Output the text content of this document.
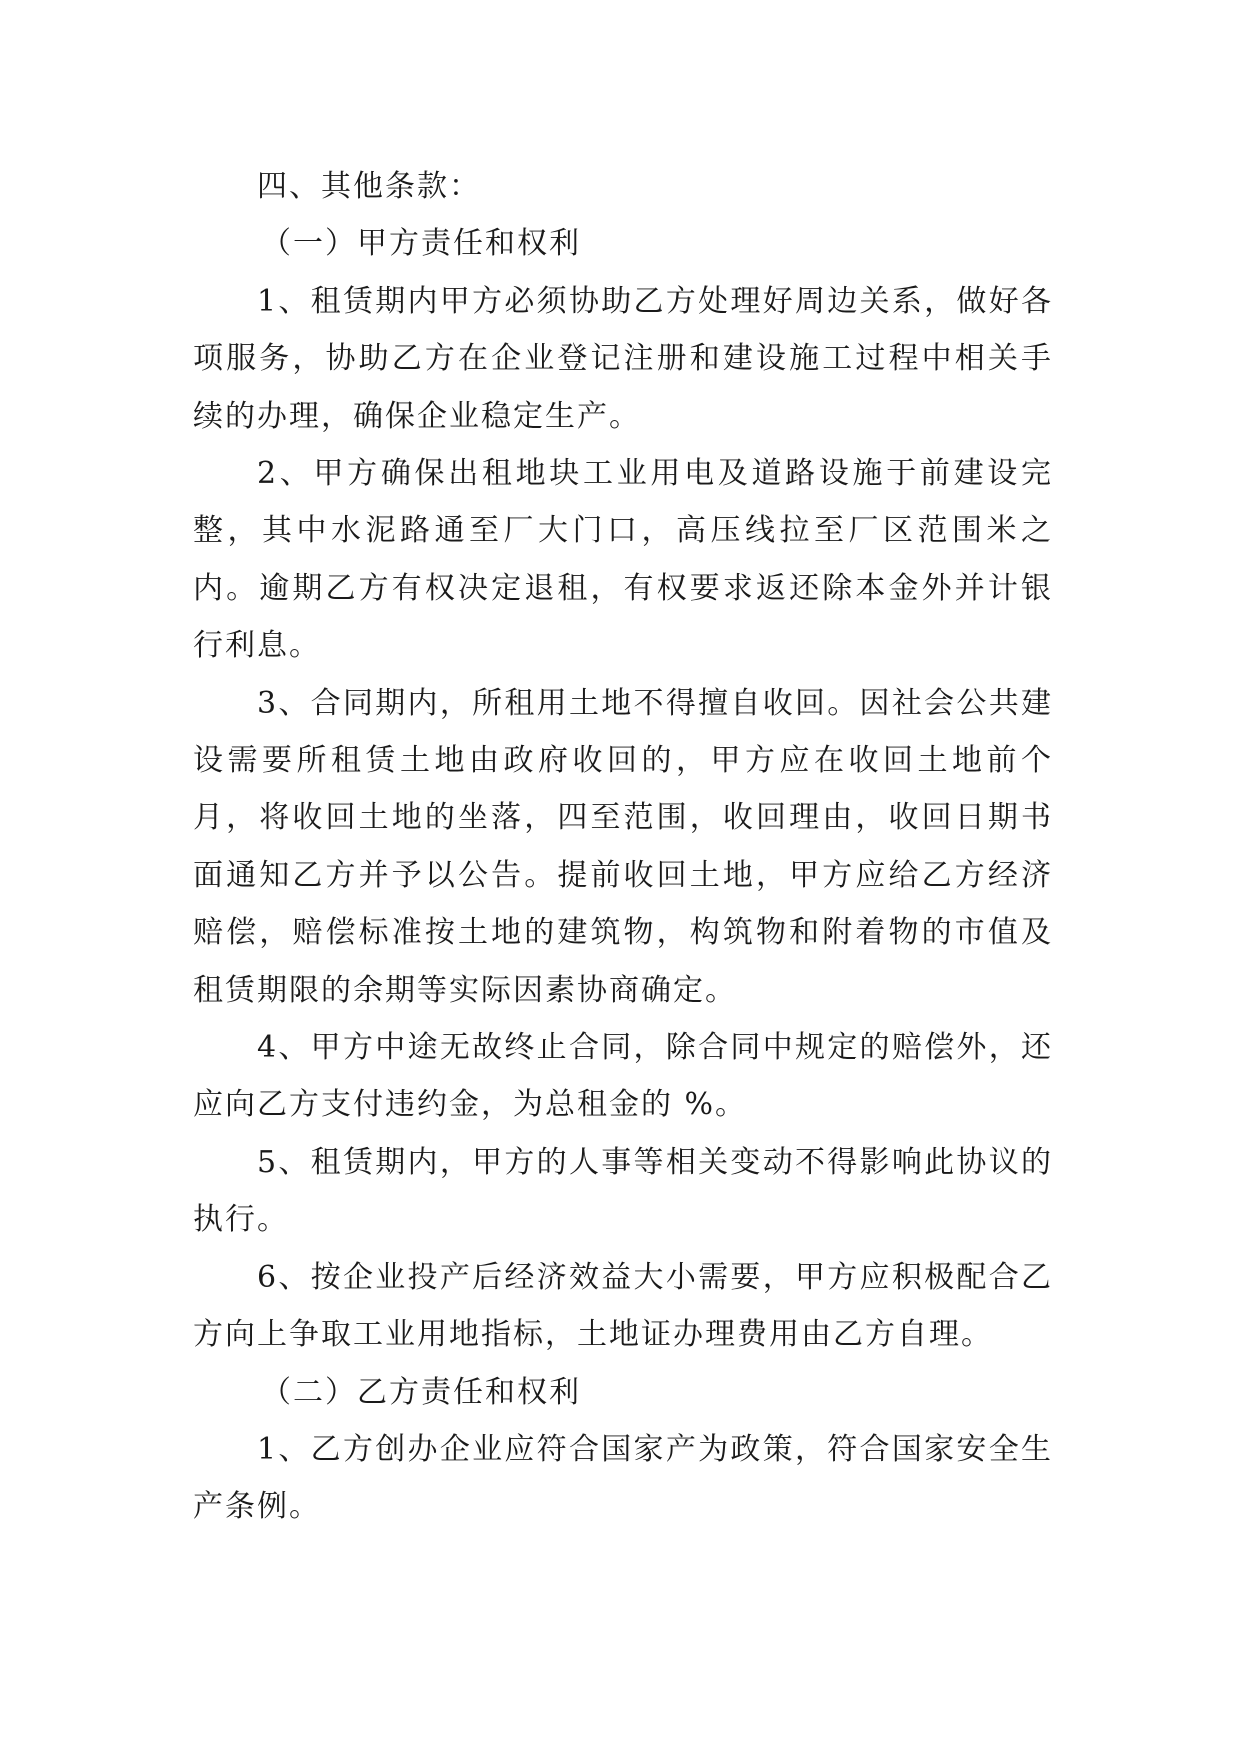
四、其他条款：
（一）甲方责任和权利

1、租赁期内甲方必须协助乙方处理好周边关系，做好各项服务，协助乙方在企业登记注册和建设施工过程中相关手续的办理，确保企业稳定生产。

2、甲方确保出租地块工业用电及道路设施于前建设完整，其中水泥路通至厂大门口，高压线拉至厂区范围米之内。逾期乙方有权决定退租，有权要求返还除本金外并计银行利息。

3、合同期内，所租用土地不得擅自收回。因社会公共建设需要所租赁土地由政府收回的，甲方应在收回土地前个月，将收回土地的坐落，四至范围，收回理由，收回日期书面通知乙方并予以公告。提前收回土地，甲方应给乙方经济赔偿，赔偿标准按土地的建筑物，构筑物和附着物的市值及租赁期限的余期等实际因素协商确定。

4、甲方中途无故终止合同，除合同中规定的赔偿外，还应向乙方支付违约金，为总租金的 %。

5、租赁期内，甲方的人事等相关变动不得影响此协议的执行。

6、按企业投产后经济效益大小需要，甲方应积极配合乙方向上争取工业用地指标，土地证办理费用由乙方自理。

（二）乙方责任和权利

1、乙方创办企业应符合国家产为政策，符合国家安全生产条例。
